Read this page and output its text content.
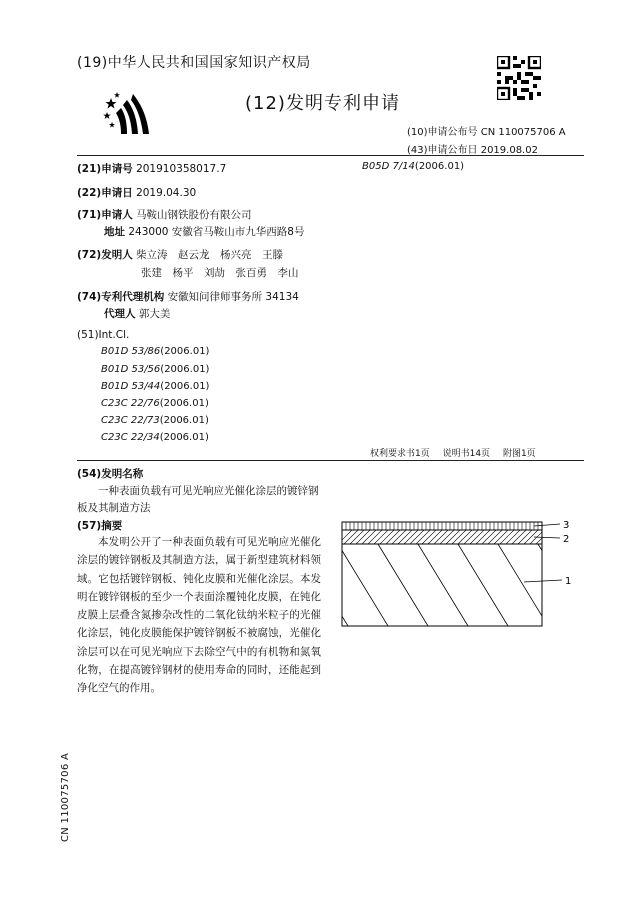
(19)中华人民共和国国家知识产权局
(12)发明专利申请
(10)申请公布号 CN 110075706 A
(43)申请公布日 2019.08.02
(21)申请号 201910358017.7	B05D 7/14(2006.01)
(22)申请日 2019.04.30
(71)申请人 马鞍山钢铁股份有限公司
地址 243000 安徽省马鞍山市九华西路8号
(72)发明人 柴立涛　赵云龙　杨兴亮　王滕
张建　杨平　刘劼　张百勇　李山
(74)专利代理机构 安徽知问律师事务所 34134
代理人 郭大美
(51)Int.Cl.
B01D 53/86(2006.01)
B01D 53/56(2006.01)
B01D 53/44(2006.01)
C23C 22/76(2006.01)
C23C 22/73(2006.01)
C23C 22/34(2006.01)
权利要求书1页 说明书14页 附图1页
(54)发明名称
一种表面负载有可见光响应光催化涂层的镀锌钢板及其制造方法
(57)摘要
本发明公开了一种表面负载有可见光响应光催化涂层的镀锌钢板及其制造方法，属于新型建筑材料领域。它包括镀锌钢板、钝化皮膜和光催化涂层。本发明在镀锌钢板的至少一个表面涂覆钝化皮膜，在钝化皮膜上层叠含氮掺杂改性的二氧化钛纳米粒子的光催化涂层，钝化皮膜能保护镀锌钢板不被腐蚀，光催化涂层可以在可见光响应下去除空气中的有机物和氮氧化物，在提高镀锌钢材的使用寿命的同时，还能起到净化空气的作用。
3
2
1
CN 110075706 A
